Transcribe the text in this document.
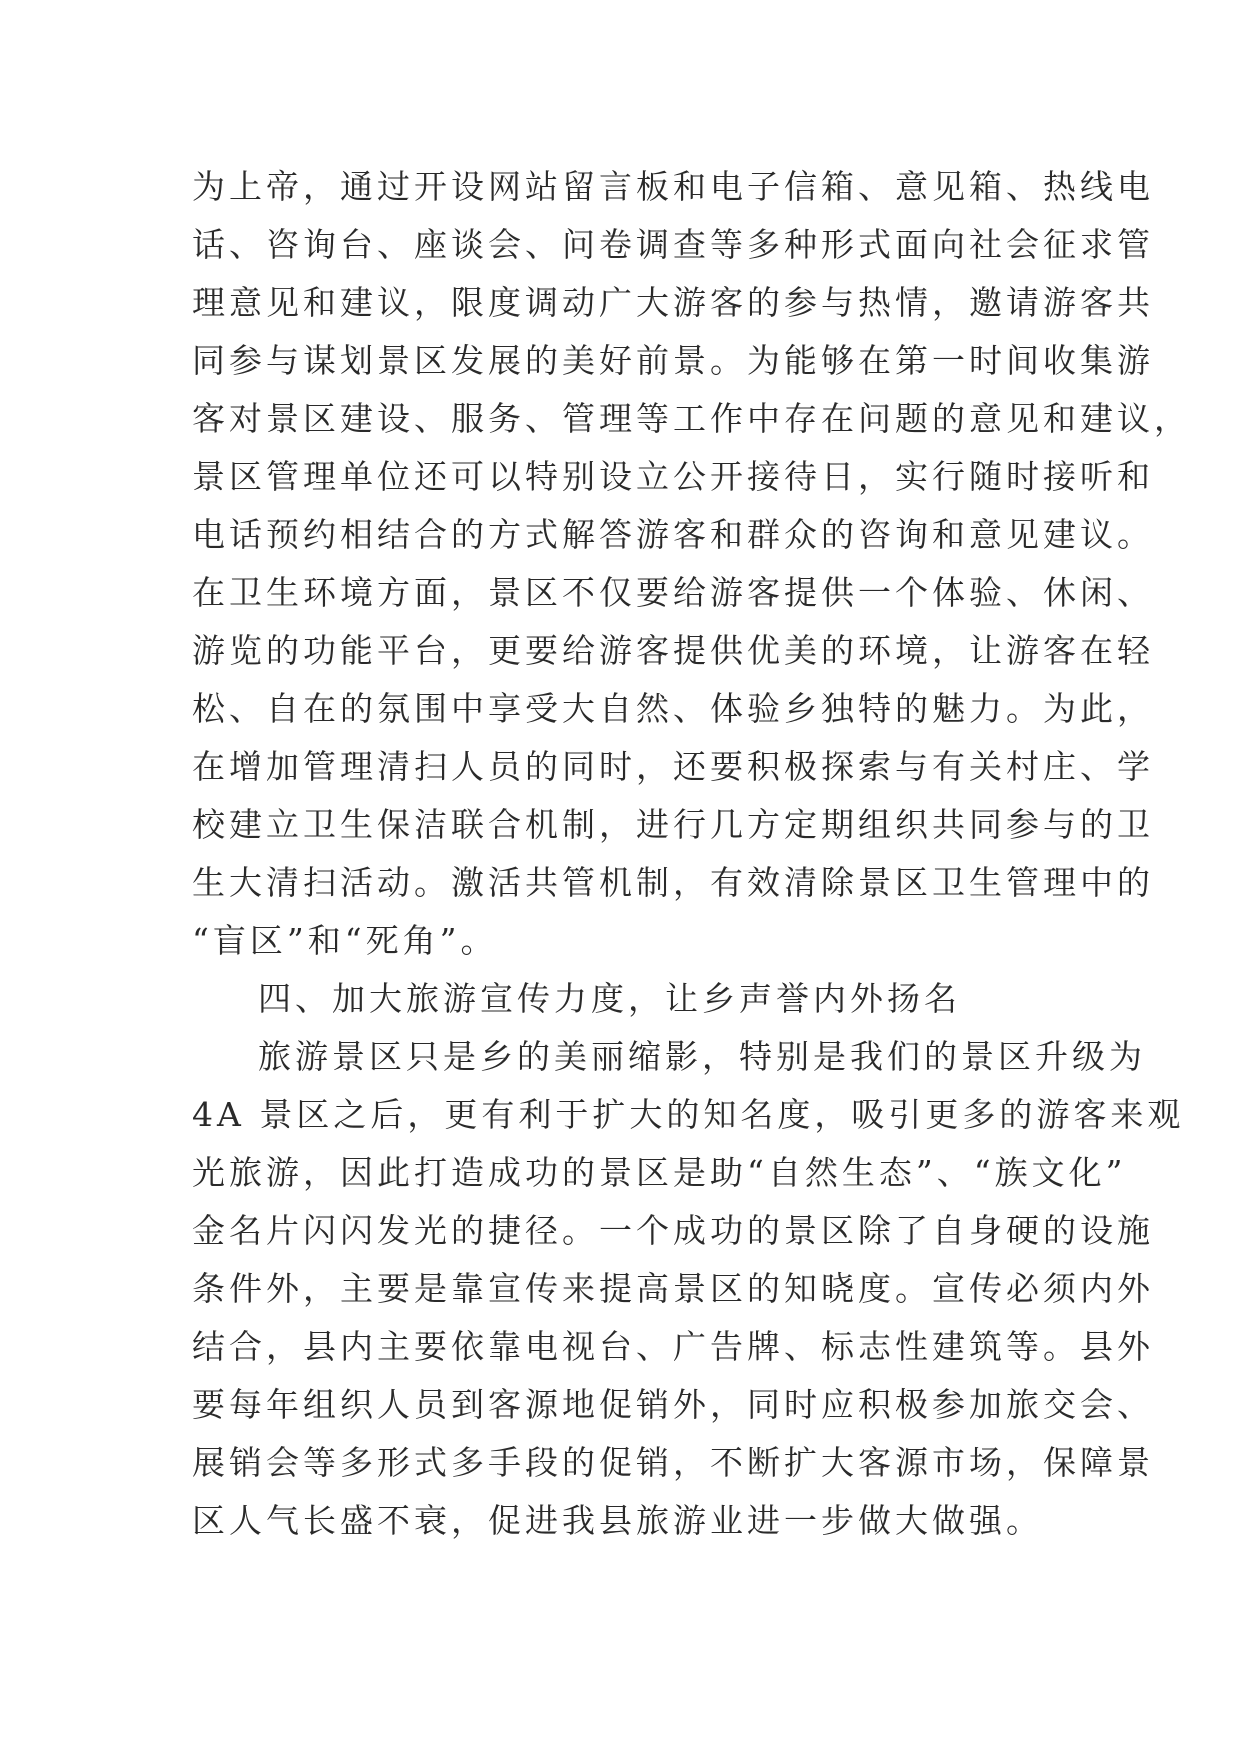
为上帝，通过开设网站留言板和电子信箱、意见箱、热线电
话、咨询台、座谈会、问卷调查等多种形式面向社会征求管
理意见和建议，限度调动广大游客的参与热情，邀请游客共
同参与谋划景区发展的美好前景。为能够在第一时间收集游
客对景区建设、服务、管理等工作中存在问题的意见和建议，
景区管理单位还可以特别设立公开接待日，实行随时接听和
电话预约相结合的方式解答游客和群众的咨询和意见建议。
在卫生环境方面，景区不仅要给游客提供一个体验、休闲、
游览的功能平台，更要给游客提供优美的环境，让游客在轻
松、自在的氛围中享受大自然、体验乡独特的魅力。为此，
在增加管理清扫人员的同时，还要积极探索与有关村庄、学
校建立卫生保洁联合机制，进行几方定期组织共同参与的卫
生大清扫活动。激活共管机制，有效清除景区卫生管理中的
“盲区”和“死角”。
四、加大旅游宣传力度，让乡声誉内外扬名
旅游景区只是乡的美丽缩影，特别是我们的景区升级为
4A 景区之后，更有利于扩大的知名度，吸引更多的游客来观
光旅游，因此打造成功的景区是助“自然生态”、“族文化”
金名片闪闪发光的捷径。一个成功的景区除了自身硬的设施
条件外，主要是靠宣传来提高景区的知晓度。宣传必须内外
结合，县内主要依靠电视台、广告牌、标志性建筑等。县外
要每年组织人员到客源地促销外，同时应积极参加旅交会、
展销会等多形式多手段的促销，不断扩大客源市场，保障景
区人气长盛不衰，促进我县旅游业进一步做大做强。
